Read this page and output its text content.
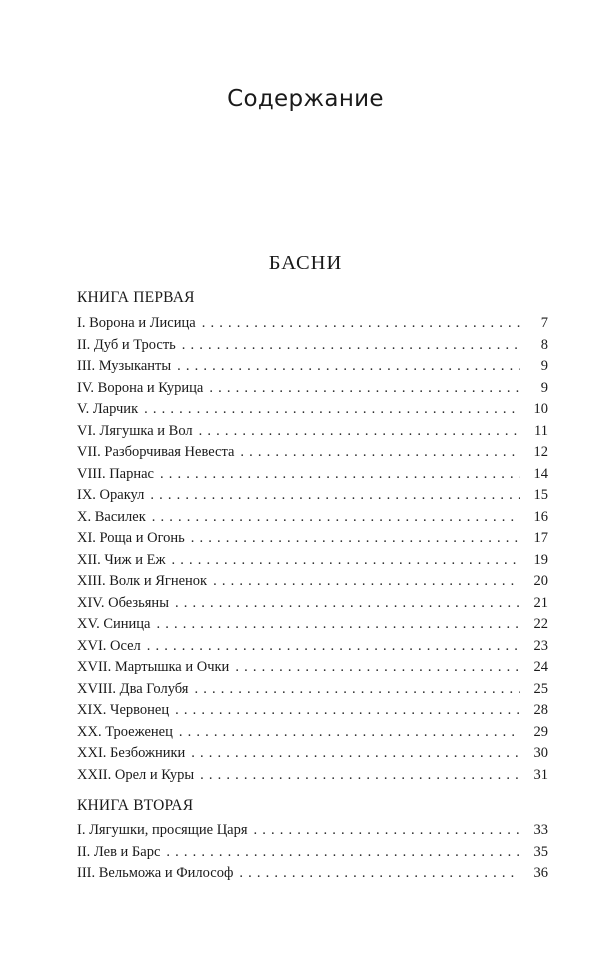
Содержание
БАСНИ
КНИГА ПЕРВАЯ
I. Ворона и Лисица . . .	7
II. Дуб и Трость . . .	8
III. Музыканты . . .	9
IV. Ворона и Курица . . .	9
V. Ларчик . . .	10
VI. Лягушка и Вол . . .	11
VII. Разборчивая Невеста . . .	12
VIII. Парнас . . .	14
IX. Оракул . . .	15
X. Василек . . .	16
XI. Роща и Огонь . . .	17
XII. Чиж и Еж . . .	19
XIII. Волк и Ягненок . . .	20
XIV. Обезьяны . . .	21
XV. Синица . . .	22
XVI. Осел . . .	23
XVII. Мартышка и Очки . . .	24
XVIII. Два Голубя . . .	25
XIX. Червонец . . .	28
XX. Троеженец . . .	29
XXI. Безбожники . . .	30
XXII. Орел и Куры . . .	31
КНИГА ВТОРАЯ
I. Лягушки, просящие Царя . . .	33
II. Лев и Барс . . .	35
III. Вельможа и Философ . . .	36
